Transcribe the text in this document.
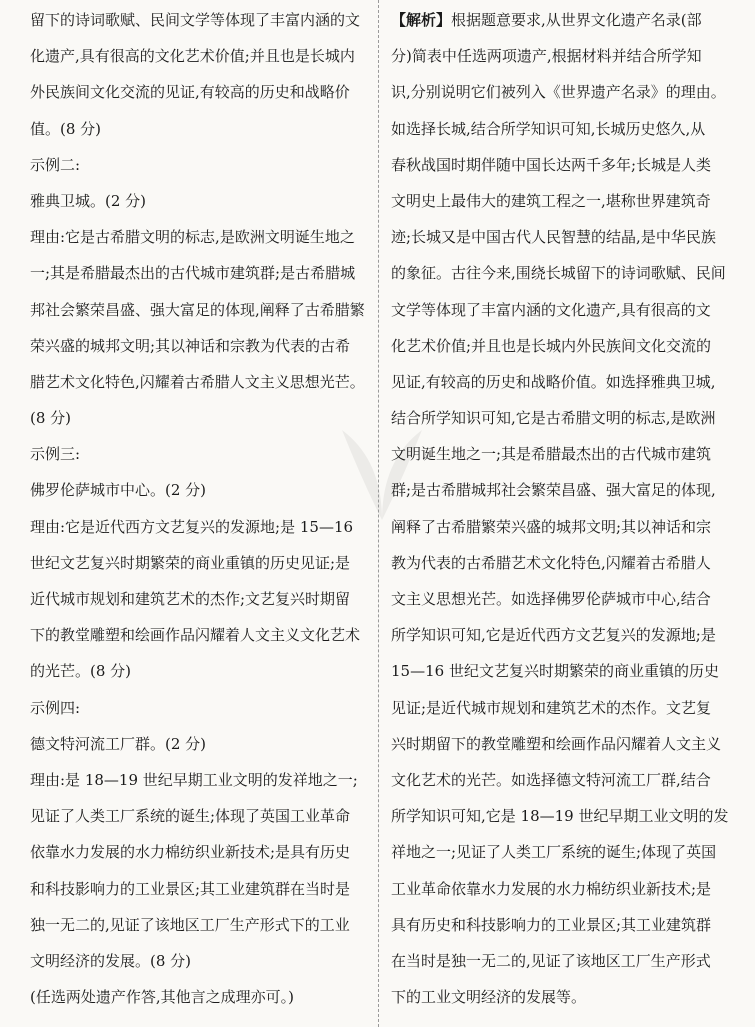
留下的诗词歌赋、民间文学等体现了丰富内涵的文
化遗产,具有很高的文化艺术价值;并且也是长城内
外民族间文化交流的见证,有较高的历史和战略价
值。(8 分)
示例二:
雅典卫城。(2 分)
理由:它是古希腊文明的标志,是欧洲文明诞生地之
一;其是希腊最杰出的古代城市建筑群;是古希腊城
邦社会繁荣昌盛、强大富足的体现,阐释了古希腊繁
荣兴盛的城邦文明;其以神话和宗教为代表的古希
腊艺术文化特色,闪耀着古希腊人文主义思想光芒。
(8 分)
示例三:
佛罗伦萨城市中心。(2 分)
理由:它是近代西方文艺复兴的发源地;是 15—16
世纪文艺复兴时期繁荣的商业重镇的历史见证;是
近代城市规划和建筑艺术的杰作;文艺复兴时期留
下的教堂雕塑和绘画作品闪耀着人文主义文化艺术
的光芒。(8 分)
示例四:
德文特河流工厂群。(2 分)
理由:是 18—19 世纪早期工业文明的发祥地之一;
见证了人类工厂系统的诞生;体现了英国工业革命
依靠水力发展的水力棉纺织业新技术;是具有历史
和科技影响力的工业景区;其工业建筑群在当时是
独一无二的,见证了该地区工厂生产形式下的工业
文明经济的发展。(8 分)
(任选两处遗产作答,其他言之成理亦可。)
【解析】根据题意要求,从世界文化遗产名录(部
分)简表中任选两项遗产,根据材料并结合所学知
识,分别说明它们被列入《世界遗产名录》的理由。
如选择长城,结合所学知识可知,长城历史悠久,从
春秋战国时期伴随中国长达两千多年;长城是人类
文明史上最伟大的建筑工程之一,堪称世界建筑奇
迹;长城又是中国古代人民智慧的结晶,是中华民族
的象征。古往今来,围绕长城留下的诗词歌赋、民间
文学等体现了丰富内涵的文化遗产,具有很高的文
化艺术价值;并且也是长城内外民族间文化交流的
见证,有较高的历史和战略价值。如选择雅典卫城,
结合所学知识可知,它是古希腊文明的标志,是欧洲
文明诞生地之一;其是希腊最杰出的古代城市建筑
群;是古希腊城邦社会繁荣昌盛、强大富足的体现,
阐释了古希腊繁荣兴盛的城邦文明;其以神话和宗
教为代表的古希腊艺术文化特色,闪耀着古希腊人
文主义思想光芒。如选择佛罗伦萨城市中心,结合
所学知识可知,它是近代西方文艺复兴的发源地;是
15—16 世纪文艺复兴时期繁荣的商业重镇的历史
见证;是近代城市规划和建筑艺术的杰作。文艺复
兴时期留下的教堂雕塑和绘画作品闪耀着人文主义
文化艺术的光芒。如选择德文特河流工厂群,结合
所学知识可知,它是 18—19 世纪早期工业文明的发
祥地之一;见证了人类工厂系统的诞生;体现了英国
工业革命依靠水力发展的水力棉纺织业新技术;是
具有历史和科技影响力的工业景区;其工业建筑群
在当时是独一无二的,见证了该地区工厂生产形式
下的工业文明经济的发展等。
